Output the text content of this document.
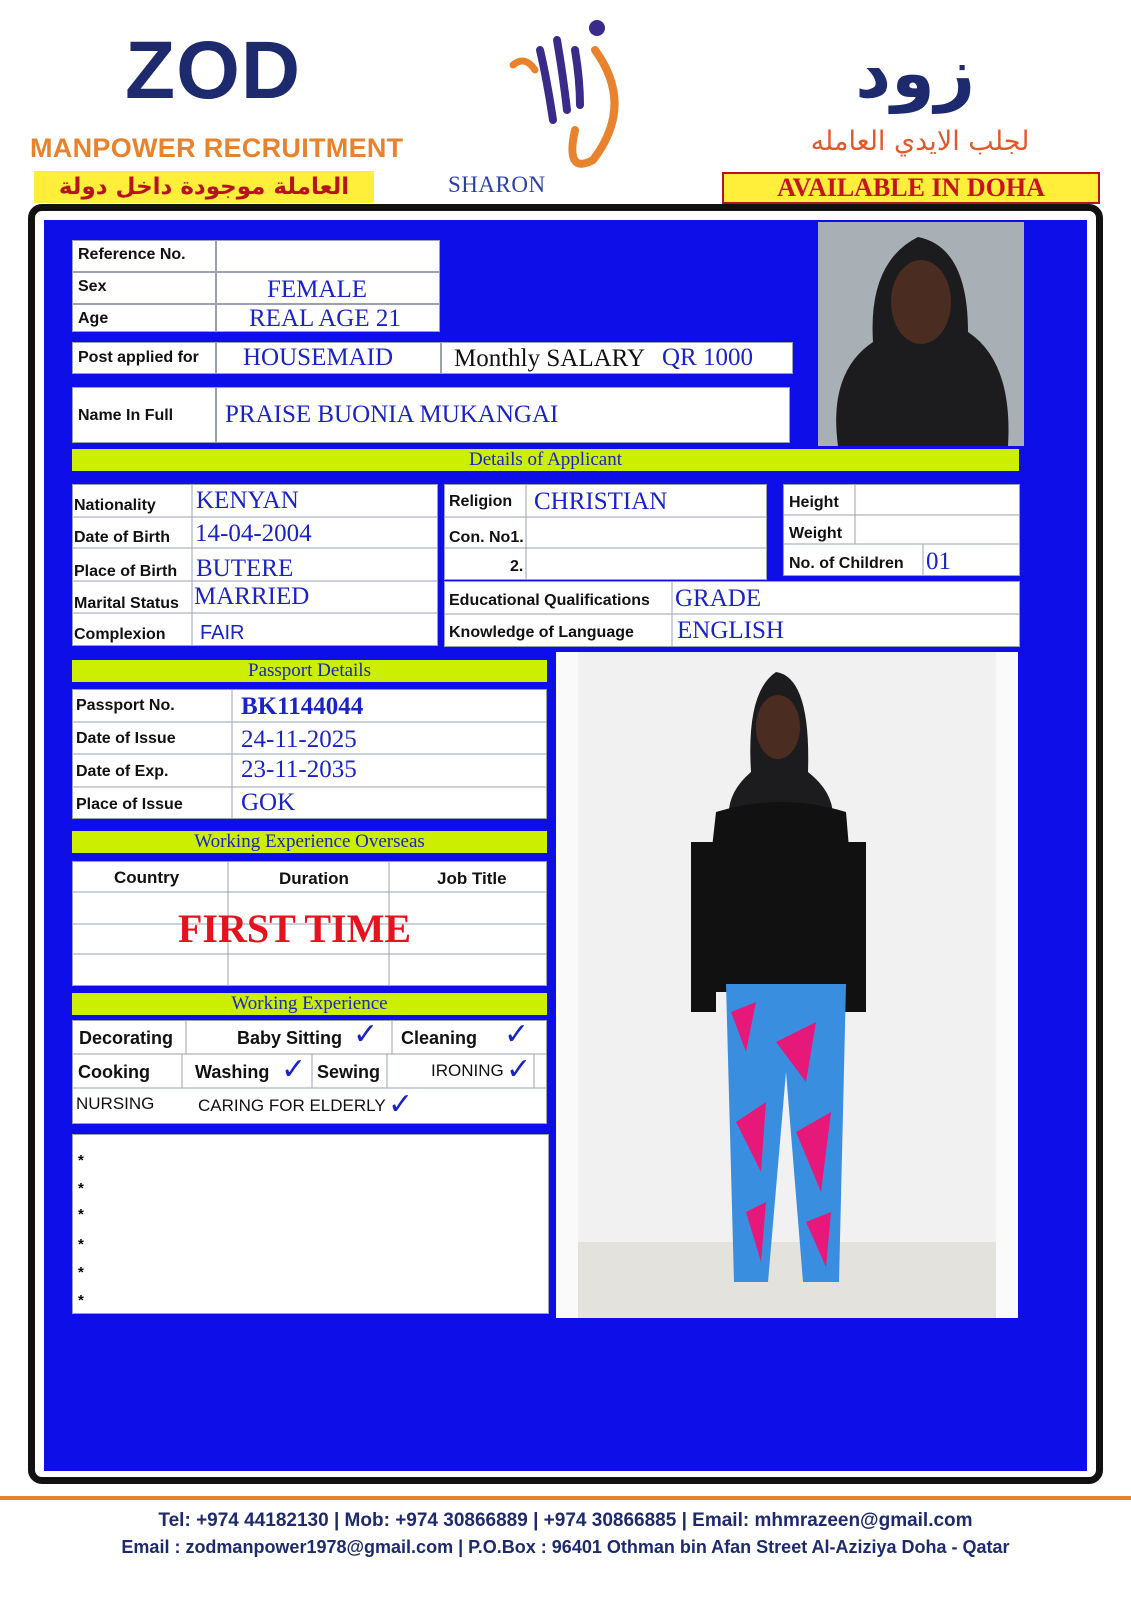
ZOD
MANPOWER RECRUITMENT
العاملة موجودة داخل دولة	SHARON
زود
لجلب الايدي العامله
AVAILABLE IN DOHA
Reference No.
Sex	FEMALE
Age	REAL AGE 21
Post applied for HOUSEMAID Monthly SALARY QR 1000
Name In Full PRAISE BUONIA MUKANGAI
Details of Applicant
Nationality KENYAN
Date of Birth 14-04-2004
Place of Birth BUTERE
Marital Status MARRIED
Complexion FAIR
Religion CHRISTIAN
Con. No1.
2.
Height
Weight
No. of Children 01
Educational Qualifications GRADE
Knowledge of Language ENGLISH
Passport Details
Passport No.	BK1144044
Date of Issue	24-11-2025
Date of Exp.	23-11-2035
Place of Issue GOK
Working Experience Overseas
Country	Duration	Job Title
FIRST TIME
Working Experience
Decorating	Baby Sitting ✓ Cleaning ✓
Cooking	Washing ✓ Sewing	IRONING ✓
NURSING	CARING FOR ELDERLY ✓
*
*
*
*
*
*
Tel: +974 44182130 | Mob: +974 30866889 | +974 30866885 | Email: mhmrazeen@gmail.com
Email : zodmanpower1978@gmail.com | P.O.Box : 96401 Othman bin Afan Street Al-Aziziya Doha - Qatar
